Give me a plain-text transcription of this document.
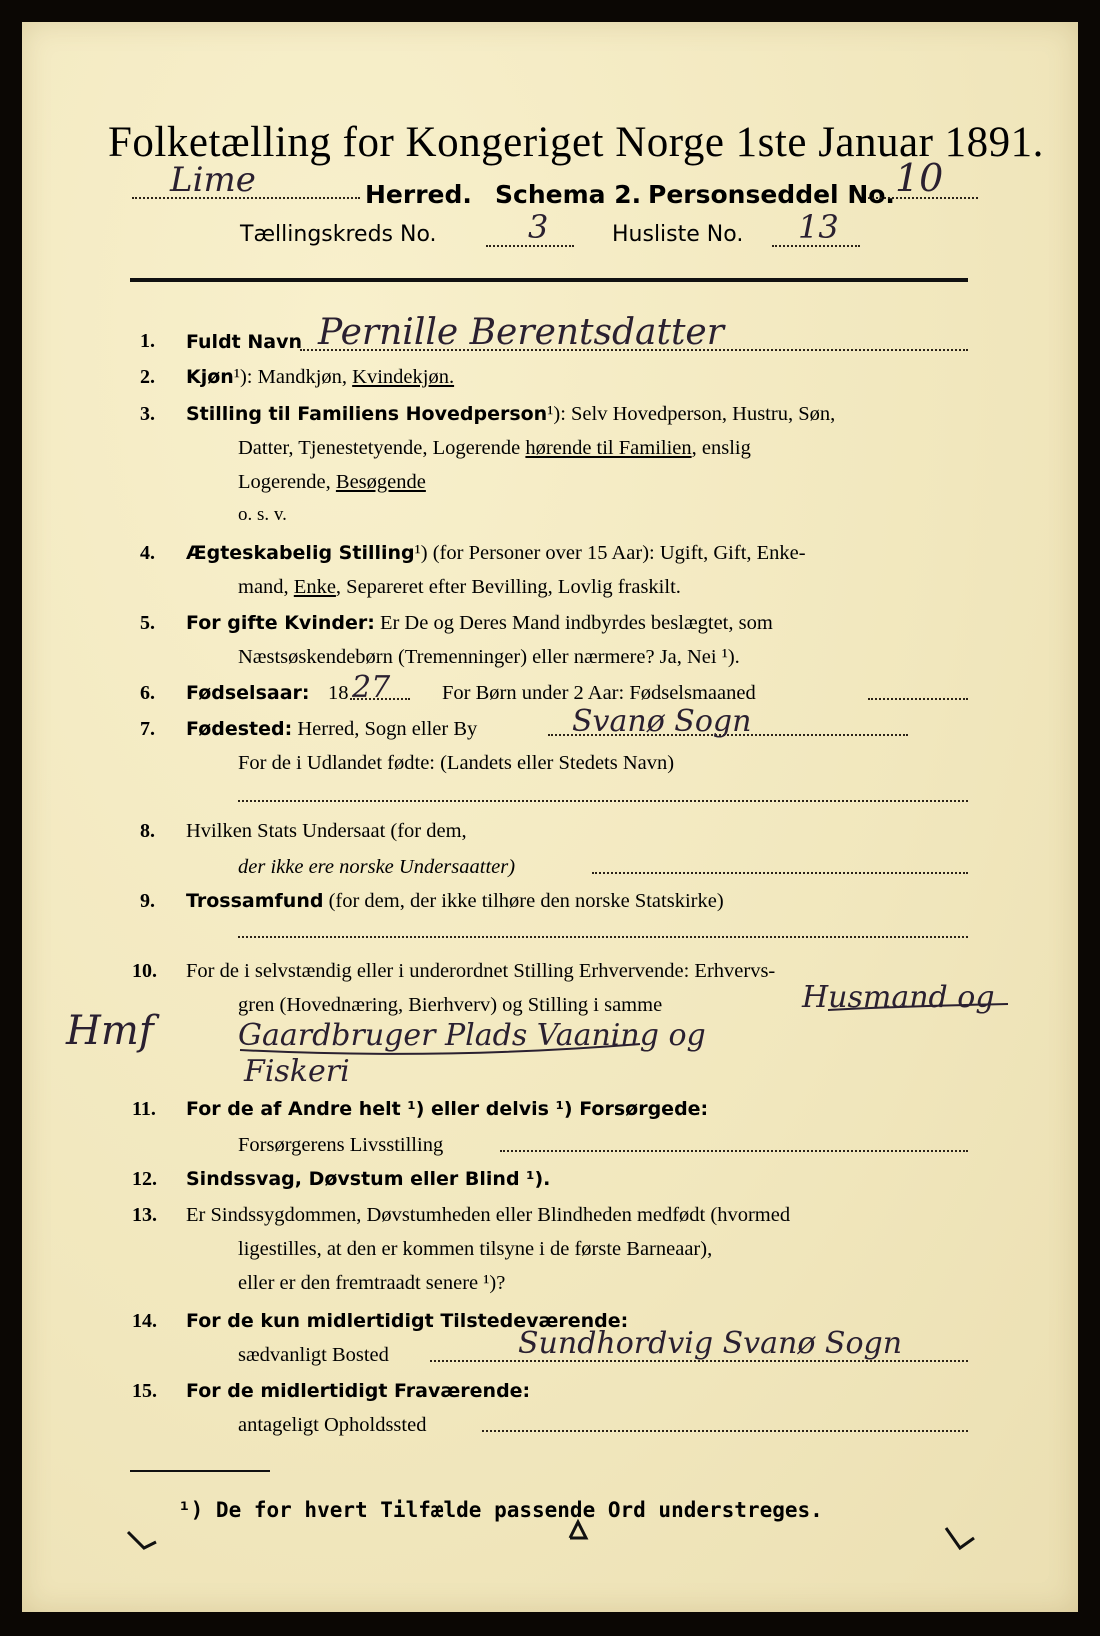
Folketælling for Kongeriget Norge 1ste Januar 1891.
Lime	Herred. Schema 2. Personseddel No. 10
Tællingskreds No.	3	Husliste No. 13
1. Fuldt Navn Pernille Berentsdatter
2. Kjøn¹): Mandkjøn, Kvindekjøn.
3. Stilling til Familiens Hovedperson¹): Selv Hovedperson, Hustru, Søn,
Datter, Tjenestetyende, Logerende hørende til Familien, enslig
Logerende, Besøgende
o. s. v.
4. Ægteskabelig Stilling¹) (for Personer over 15 Aar): Ugift, Gift, Enke-
mand, Enke, Separeret efter Bevilling, Lovlig fraskilt.
5. For gifte Kvinder: Er De og Deres Mand indbyrdes beslægtet, som
Næstsøskendebørn (Tremenninger) eller nærmere? Ja, Nei ¹).
6. Fødselsaar: 18 27	For Børn under 2 Aar: Fødselsmaaned
7. Fødested: Herred, Sogn eller By	Svanø Sogn
For de i Udlandet fødte: (Landets eller Stedets Navn)
8. Hvilken Stats Undersaat (for dem,
der ikke ere norske Undersaatter)
9. Trossamfund (for dem, der ikke tilhøre den norske Statskirke)
10. For de i selvstændig eller i underordnet Stilling Erhvervende: Erhvervs-
gren (Hovednæring, Bierhverv) og Stilling i samme	Husmand og
Gaardbruger Plads Vaaning og
Fiskeri
Hmf
11. For de af Andre helt ¹) eller delvis ¹) Forsørgede:
Forsørgerens Livsstilling
12. Sindssvag, Døvstum eller Blind ¹).
13. Er Sindssygdommen, Døvstumheden eller Blindheden medfødt (hvormed
ligestilles, at den er kommen tilsyne i de første Barneaar),
eller er den fremtraadt senere ¹)?
14. For de kun midlertidigt Tilstedeværende:
sædvanligt Bosted	Sundhordvig Svanø Sogn
15. For de midlertidigt Fraværende:
antageligt Opholdssted
¹) De for hvert Tilfælde passende Ord understreges.
